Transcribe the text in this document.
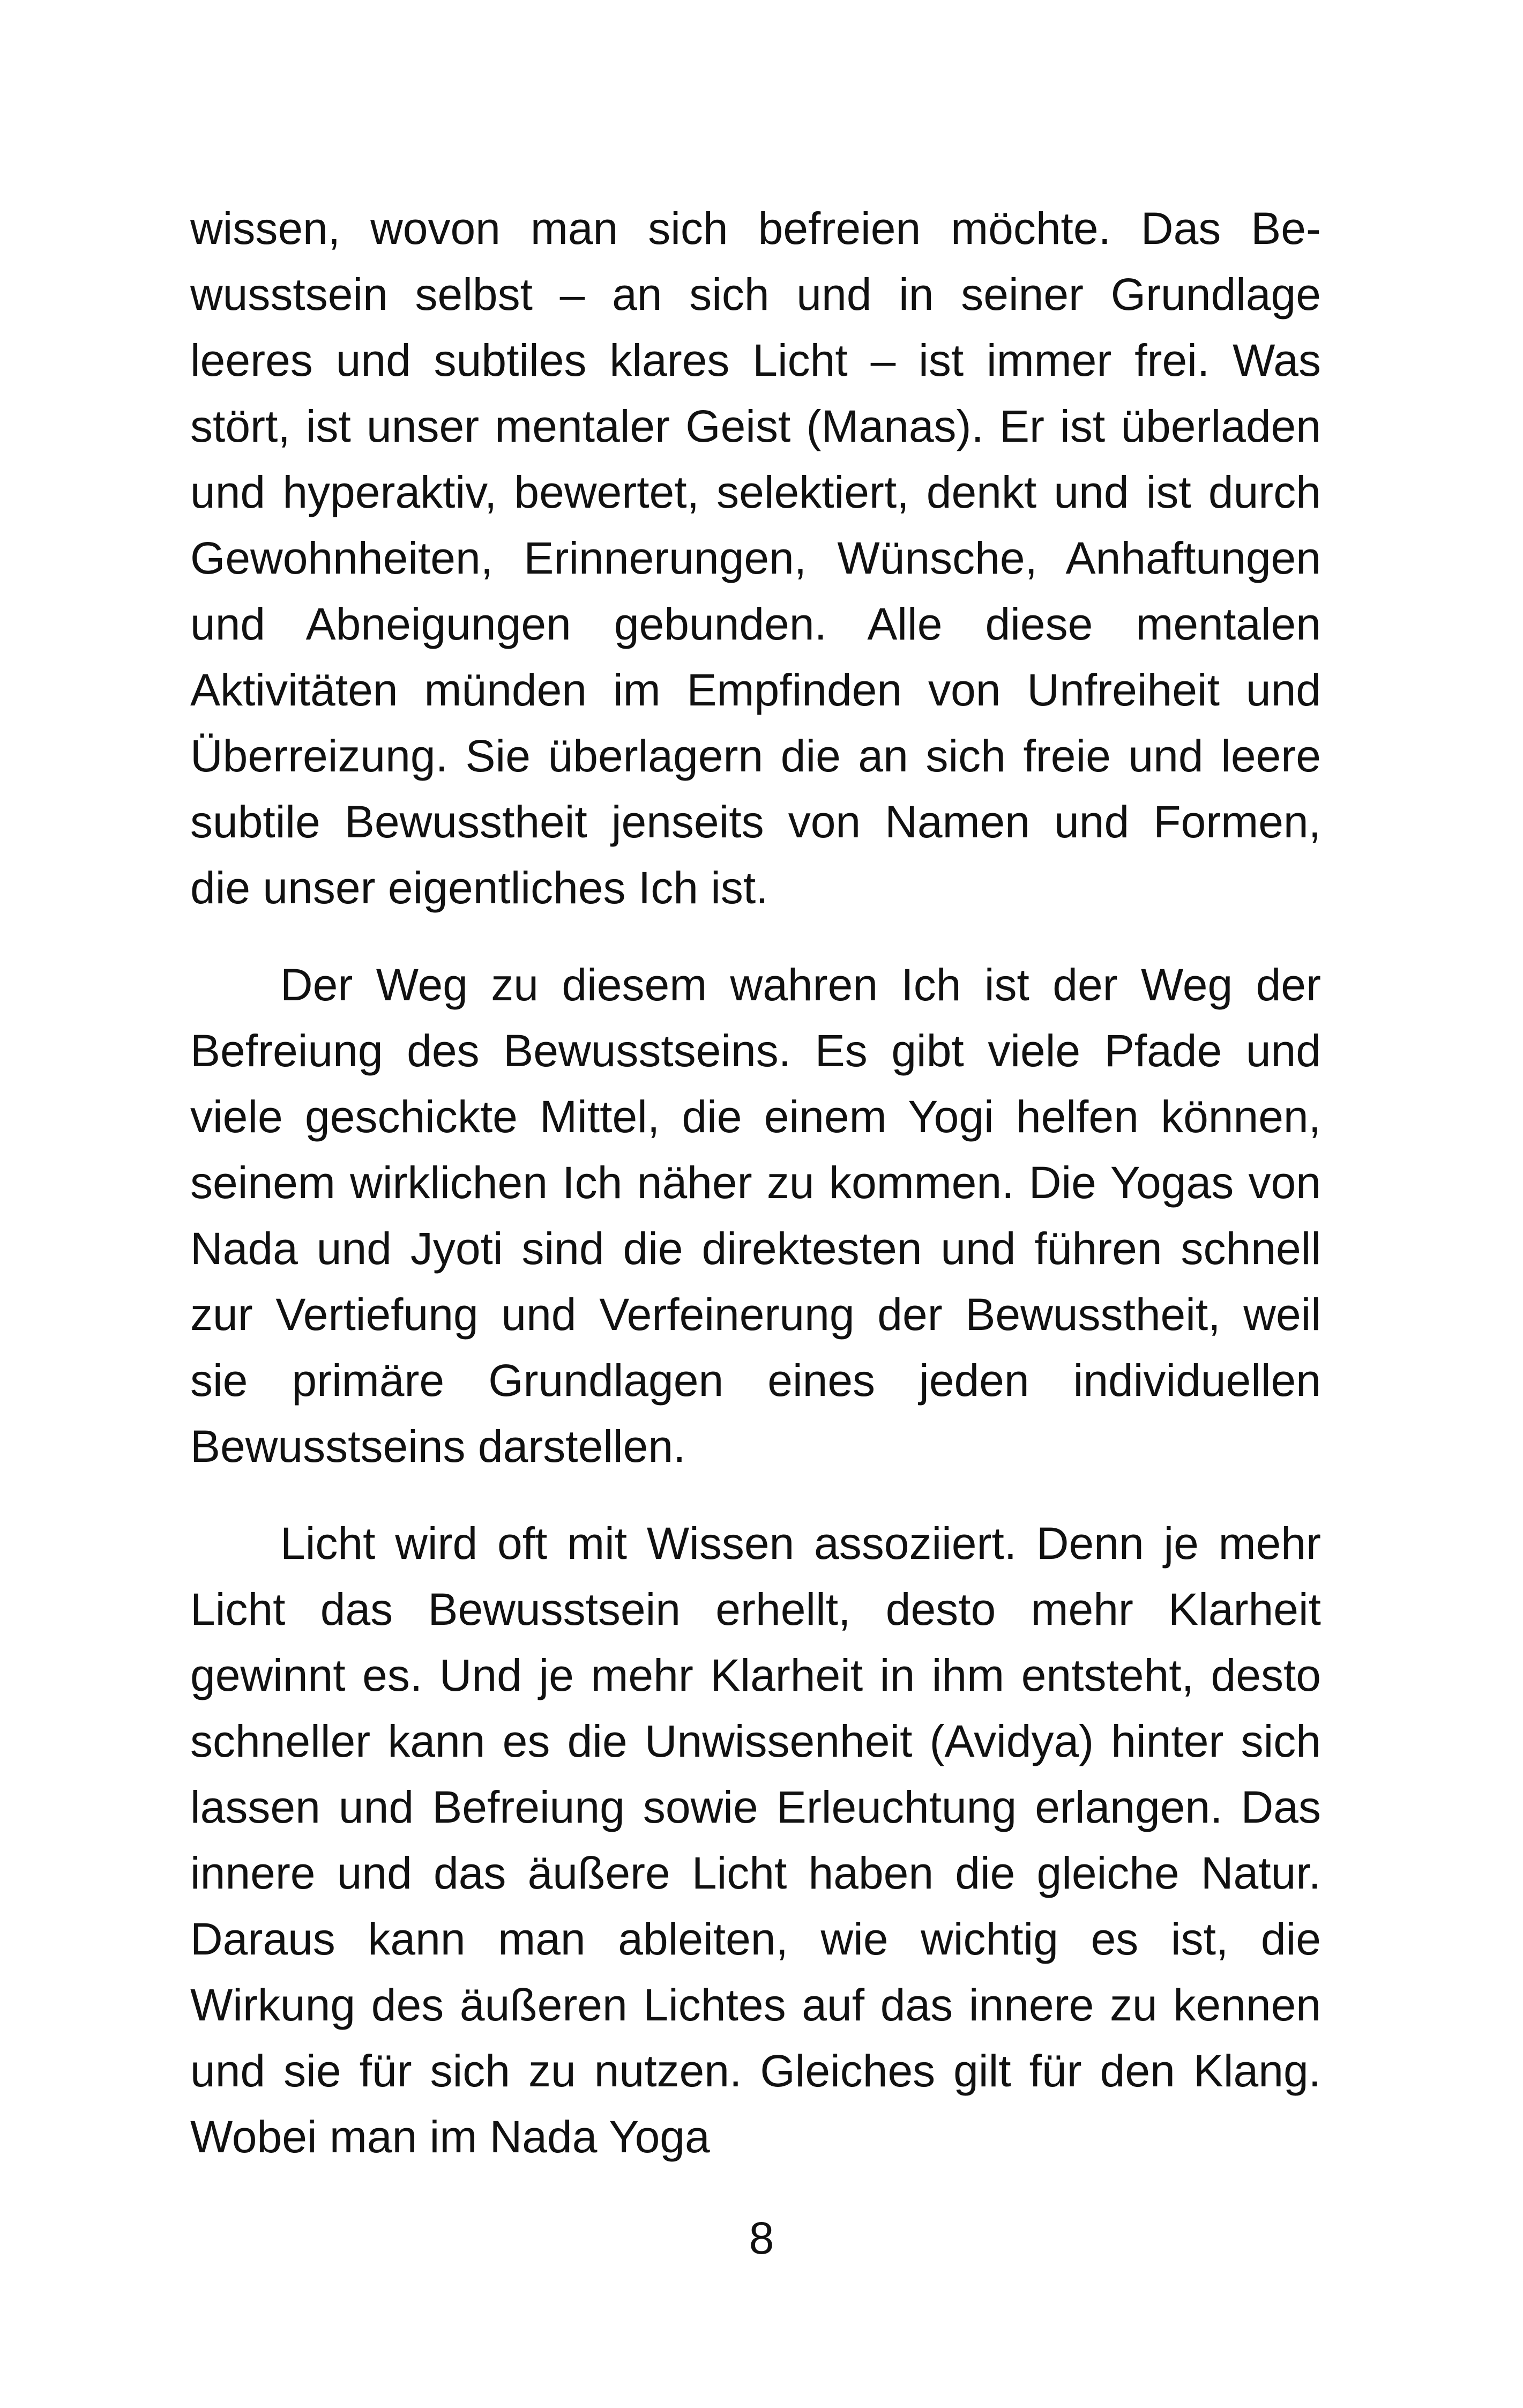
wissen, wovon man sich befreien möchte. Das Bewusstsein selbst – an sich und in seiner Grundlage leeres und subtiles klares Licht – ist immer frei. Was stört, ist unser mentaler Geist (Manas). Er ist überladen und hyperaktiv, bewertet, selektiert, denkt und ist durch Gewohnheiten, Erinnerungen, Wünsche, Anhaftungen und Abneigungen gebunden. Alle diese mentalen Aktivitäten münden im Empfinden von Unfreiheit und Überreizung. Sie überlagern die an sich freie und leere subtile Bewusstheit jenseits von Namen und Formen, die unser eigentliches Ich ist.

Der Weg zu diesem wahren Ich ist der Weg der Befreiung des Bewusstseins. Es gibt viele Pfade und viele geschickte Mittel, die einem Yogi helfen können, seinem wirklichen Ich näher zu kommen. Die Yogas von Nada und Jyoti sind die direktesten und führen schnell zur Vertiefung und Verfeinerung der Bewusstheit, weil sie primäre Grundlagen eines jeden individuellen Bewusstseins darstellen.

Licht wird oft mit Wissen assoziiert. Denn je mehr Licht das Bewusstsein erhellt, desto mehr Klarheit gewinnt es. Und je mehr Klarheit in ihm entsteht, desto schneller kann es die Unwissenheit (Avidya) hinter sich lassen und Befreiung sowie Erleuchtung erlangen. Das innere und das äußere Licht haben die gleiche Natur. Daraus kann man ableiten, wie wichtig es ist, die Wirkung des äußeren Lichtes auf das innere zu kennen und sie für sich zu nutzen. Gleiches gilt für den Klang. Wobei man im Nada Yoga

8
